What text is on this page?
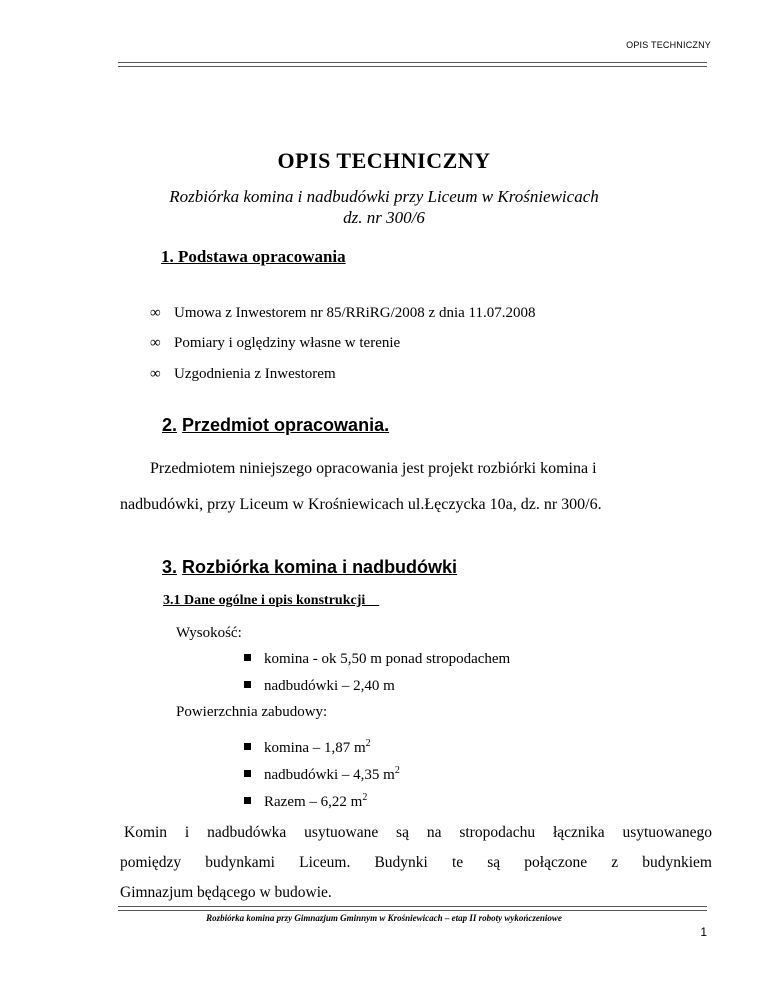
OPIS TECHNICZNY
OPIS TECHNICZNY
Rozbiórka komina i nadbudówki przy Liceum w Krośniewicach
dz. nr 300/6
1. Podstawa opracowania
∞ Umowa z Inwestorem nr 85/RRiRG/2008 z dnia 11.07.2008
∞ Pomiary i oględziny własne w terenie
∞ Uzgodnienia z Inwestorem
2. Przedmiot opracowania.
Przedmiotem niniejszego opracowania jest projekt rozbiórki komina i
nadbudówki, przy Liceum w Krośniewicach ul.Łęczycka 10a, dz. nr 300/6.
3. Rozbiórka komina i nadbudówki
3.1 Dane ogólne i opis konstrukcji
Wysokość:
komina - ok 5,50 m ponad stropodachem
nadbudówki – 2,40 m
Powierzchnia zabudowy:
komina – 1,87 $m^2$
nadbudówki – 4,35 $m^2$
Razem – 6,22 $m^2$
Komin i nadbudówka usytuowane są na stropodachu łącznika usytuowanego
pomiędzy budynkami Liceum. Budynki te są połączone z budynkiem
Gimnazjum będącego w budowie.
Rozbiórka komina przy Gimnazjum Gminnym w Krośniewicach – etap II roboty wykończeniowe
1
